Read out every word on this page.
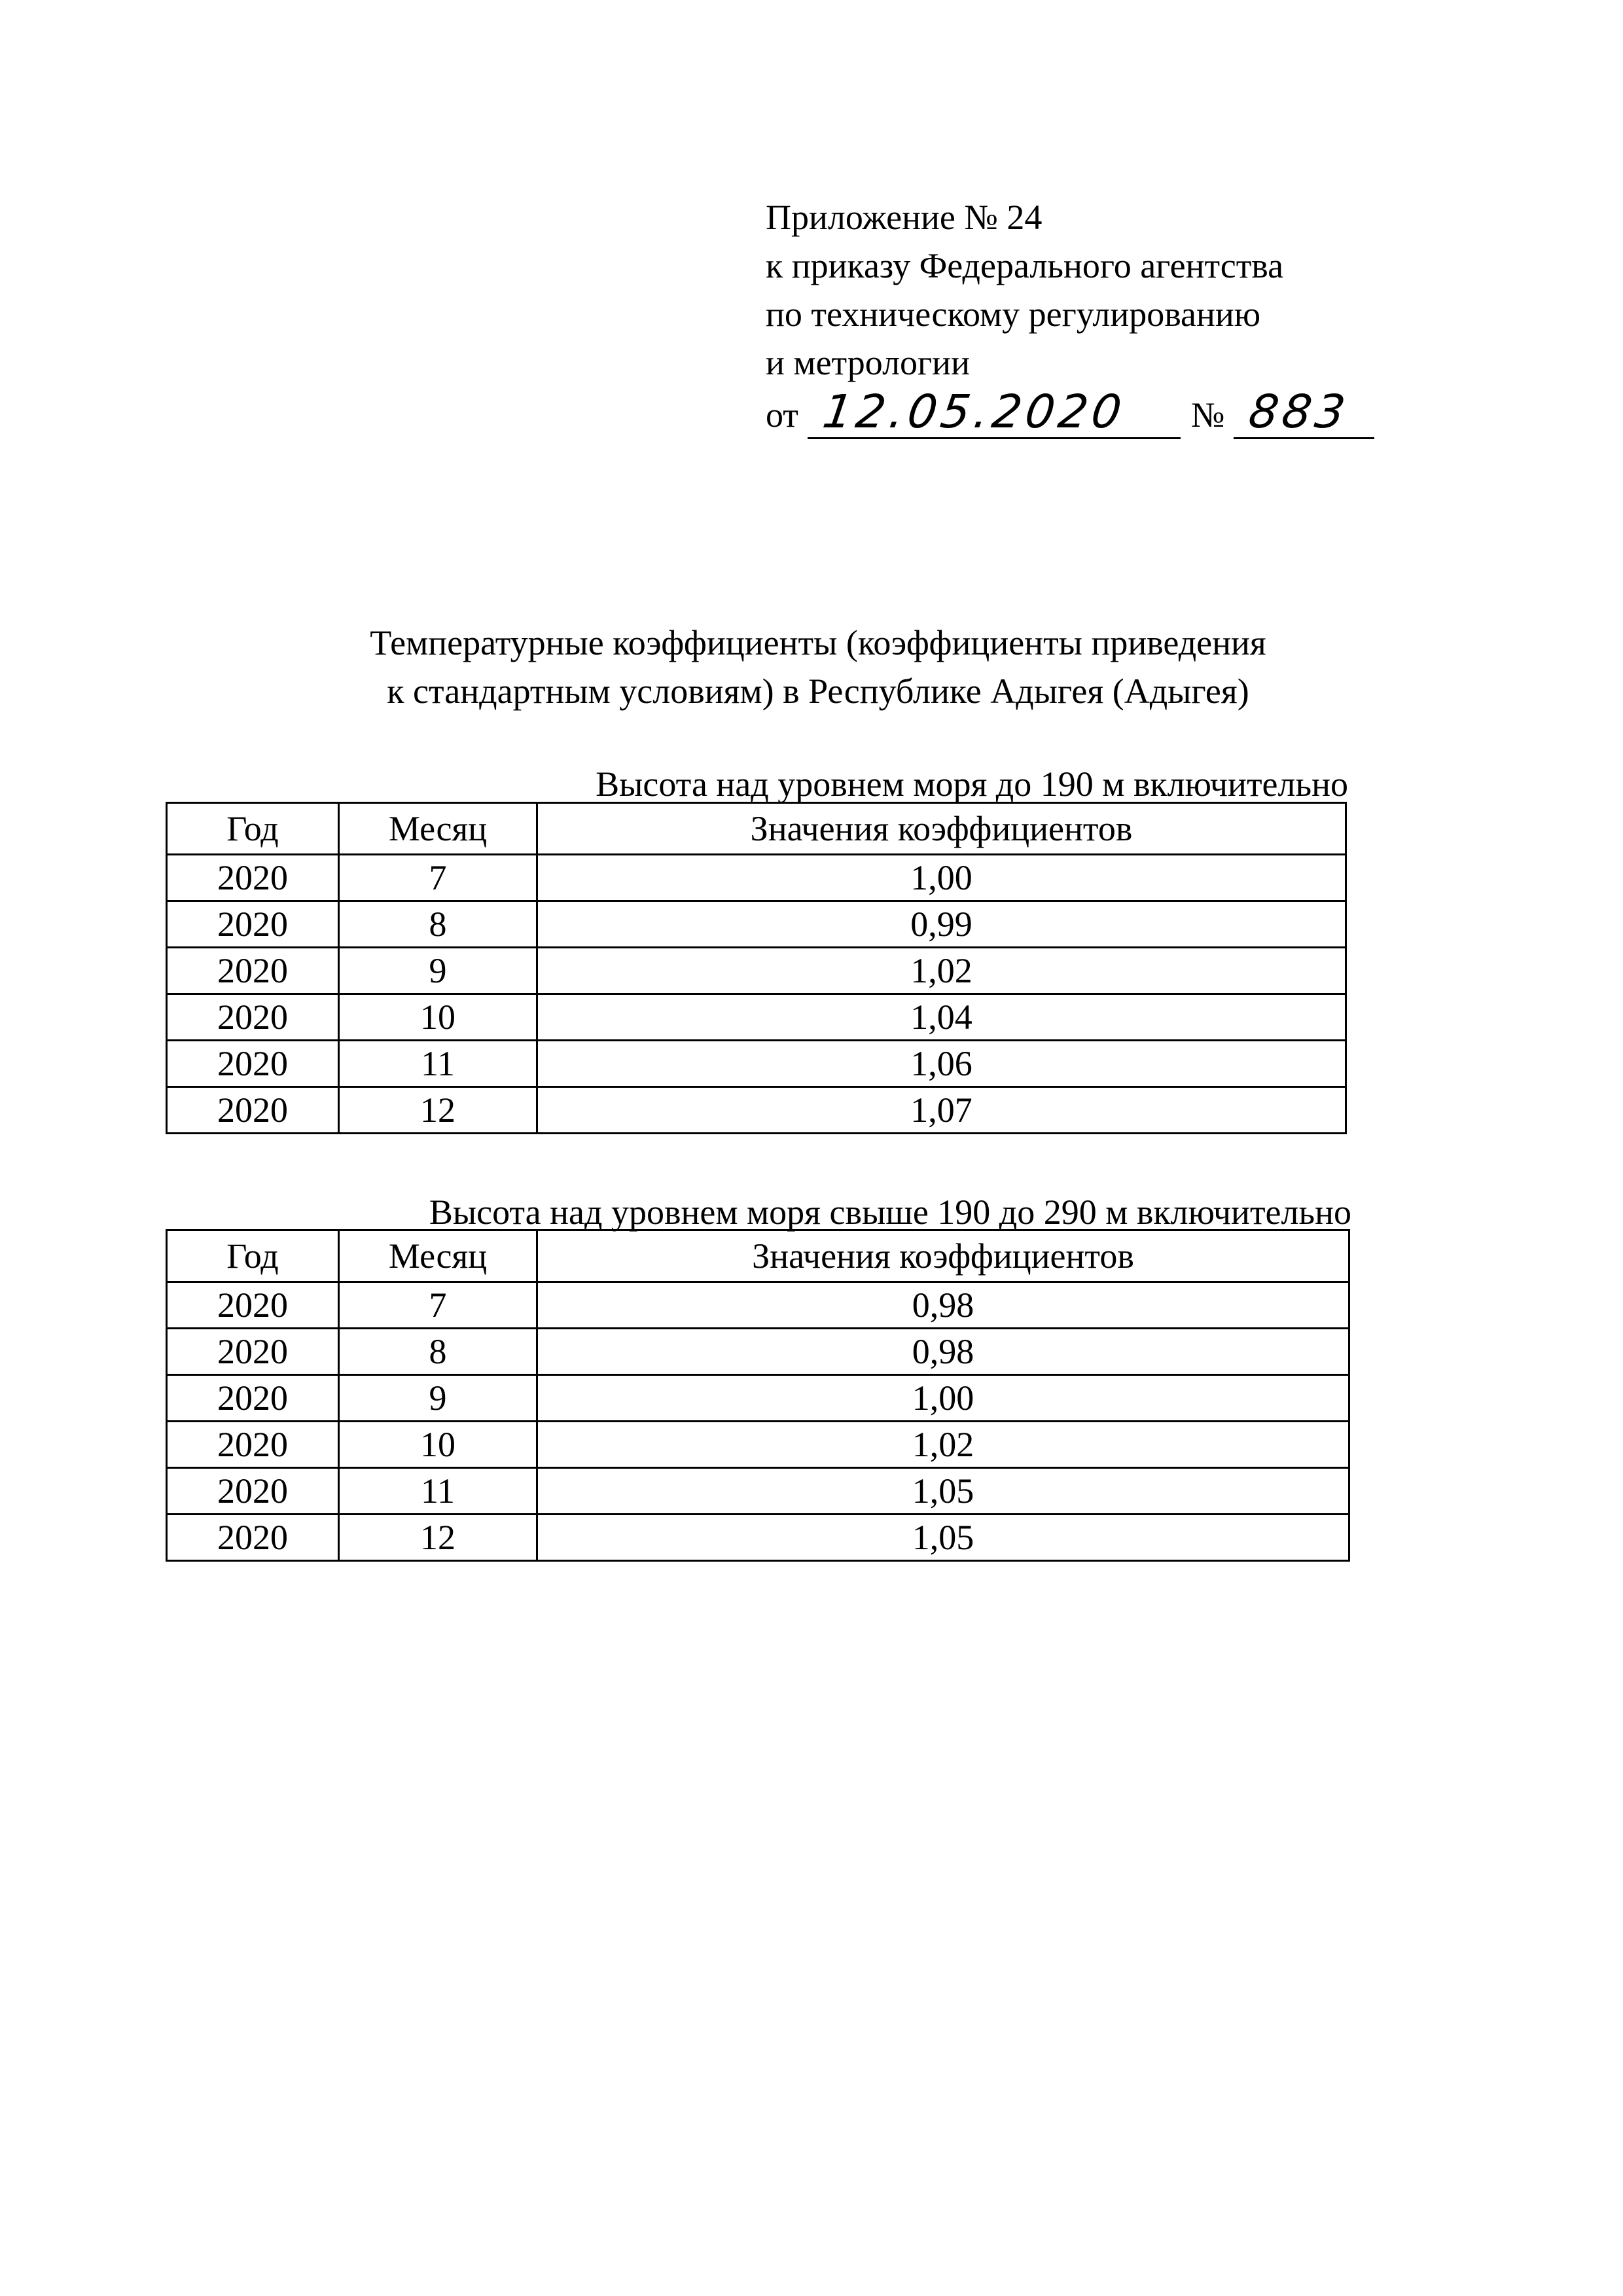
Приложение № 24
к приказу Федерального агентства
по техническому регулированию
и метрологии
от 12.05.2020 № 883
Температурные коэффициенты (коэффициенты приведения
к стандартным условиям) в Республике Адыгея (Адыгея)
Высота над уровнем моря до 190 м включительно
Год	Месяц	Значения коэффициентов
2020	7	1,00
2020	8	0,99
2020	9	1,02
2020	10	1,04
2020	11	1,06
2020	12	1,07
Высота над уровнем моря свыше 190 до 290 м включительно
Год	Месяц	Значения коэффициентов
2020	7	0,98
2020	8	0,98
2020	9	1,00
2020	10	1,02
2020	11	1,05
2020	12	1,05
